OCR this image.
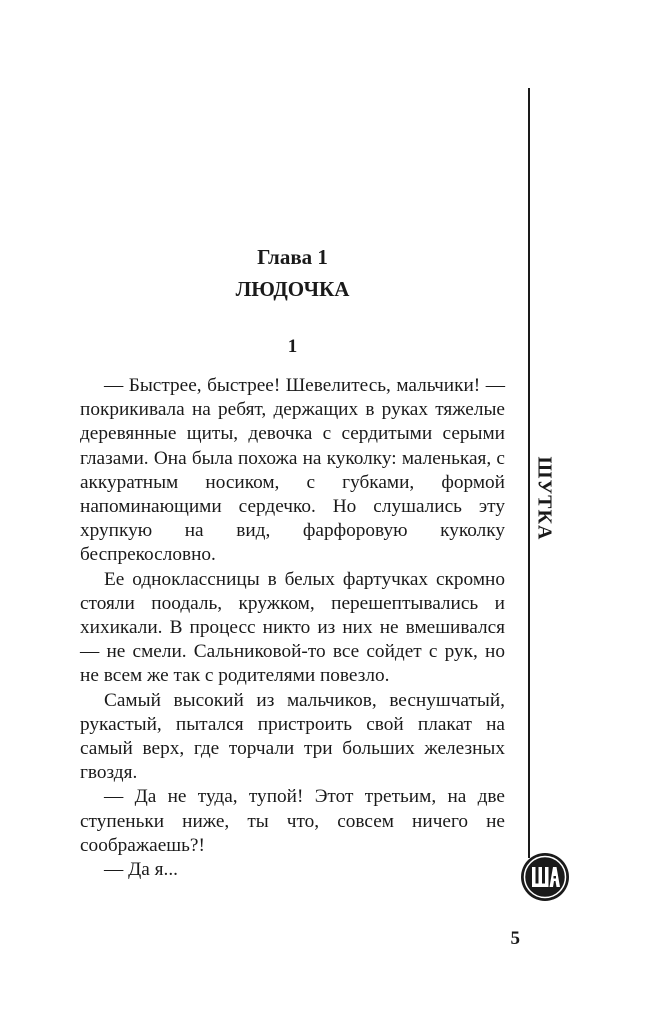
Глава 1
ЛЮДОЧКА
1

— Быстрее, быстрее! Шевелитесь, мальчики! — покрикивала на ребят, держащих в руках тяжелые деревянные щиты, девочка с сердитыми серыми глазами. Она была похожа на куколку: маленькая, с аккуратным носиком, с губками, формой напоминающими сердечко. Но слушались эту хрупкую на вид, фарфоровую куколку беспрекословно.

Ее одноклассницы в белых фартучках скромно стояли поодаль, кружком, перешептывались и хихикали. В процесс никто из них не вмешивался — не смели. Сальниковой-то все сойдет с рук, но не всем же так с родителями повезло.

Самый высокий из мальчиков, веснушчатый, рукастый, пытался пристроить свой плакат на самый верх, где торчали три больших железных гвоздя.

— Да не туда, тупой! Этот третьим, на две ступеньки ниже, ты что, совсем ничего не соображаешь?!

— Да я...

ШУТКА
5
